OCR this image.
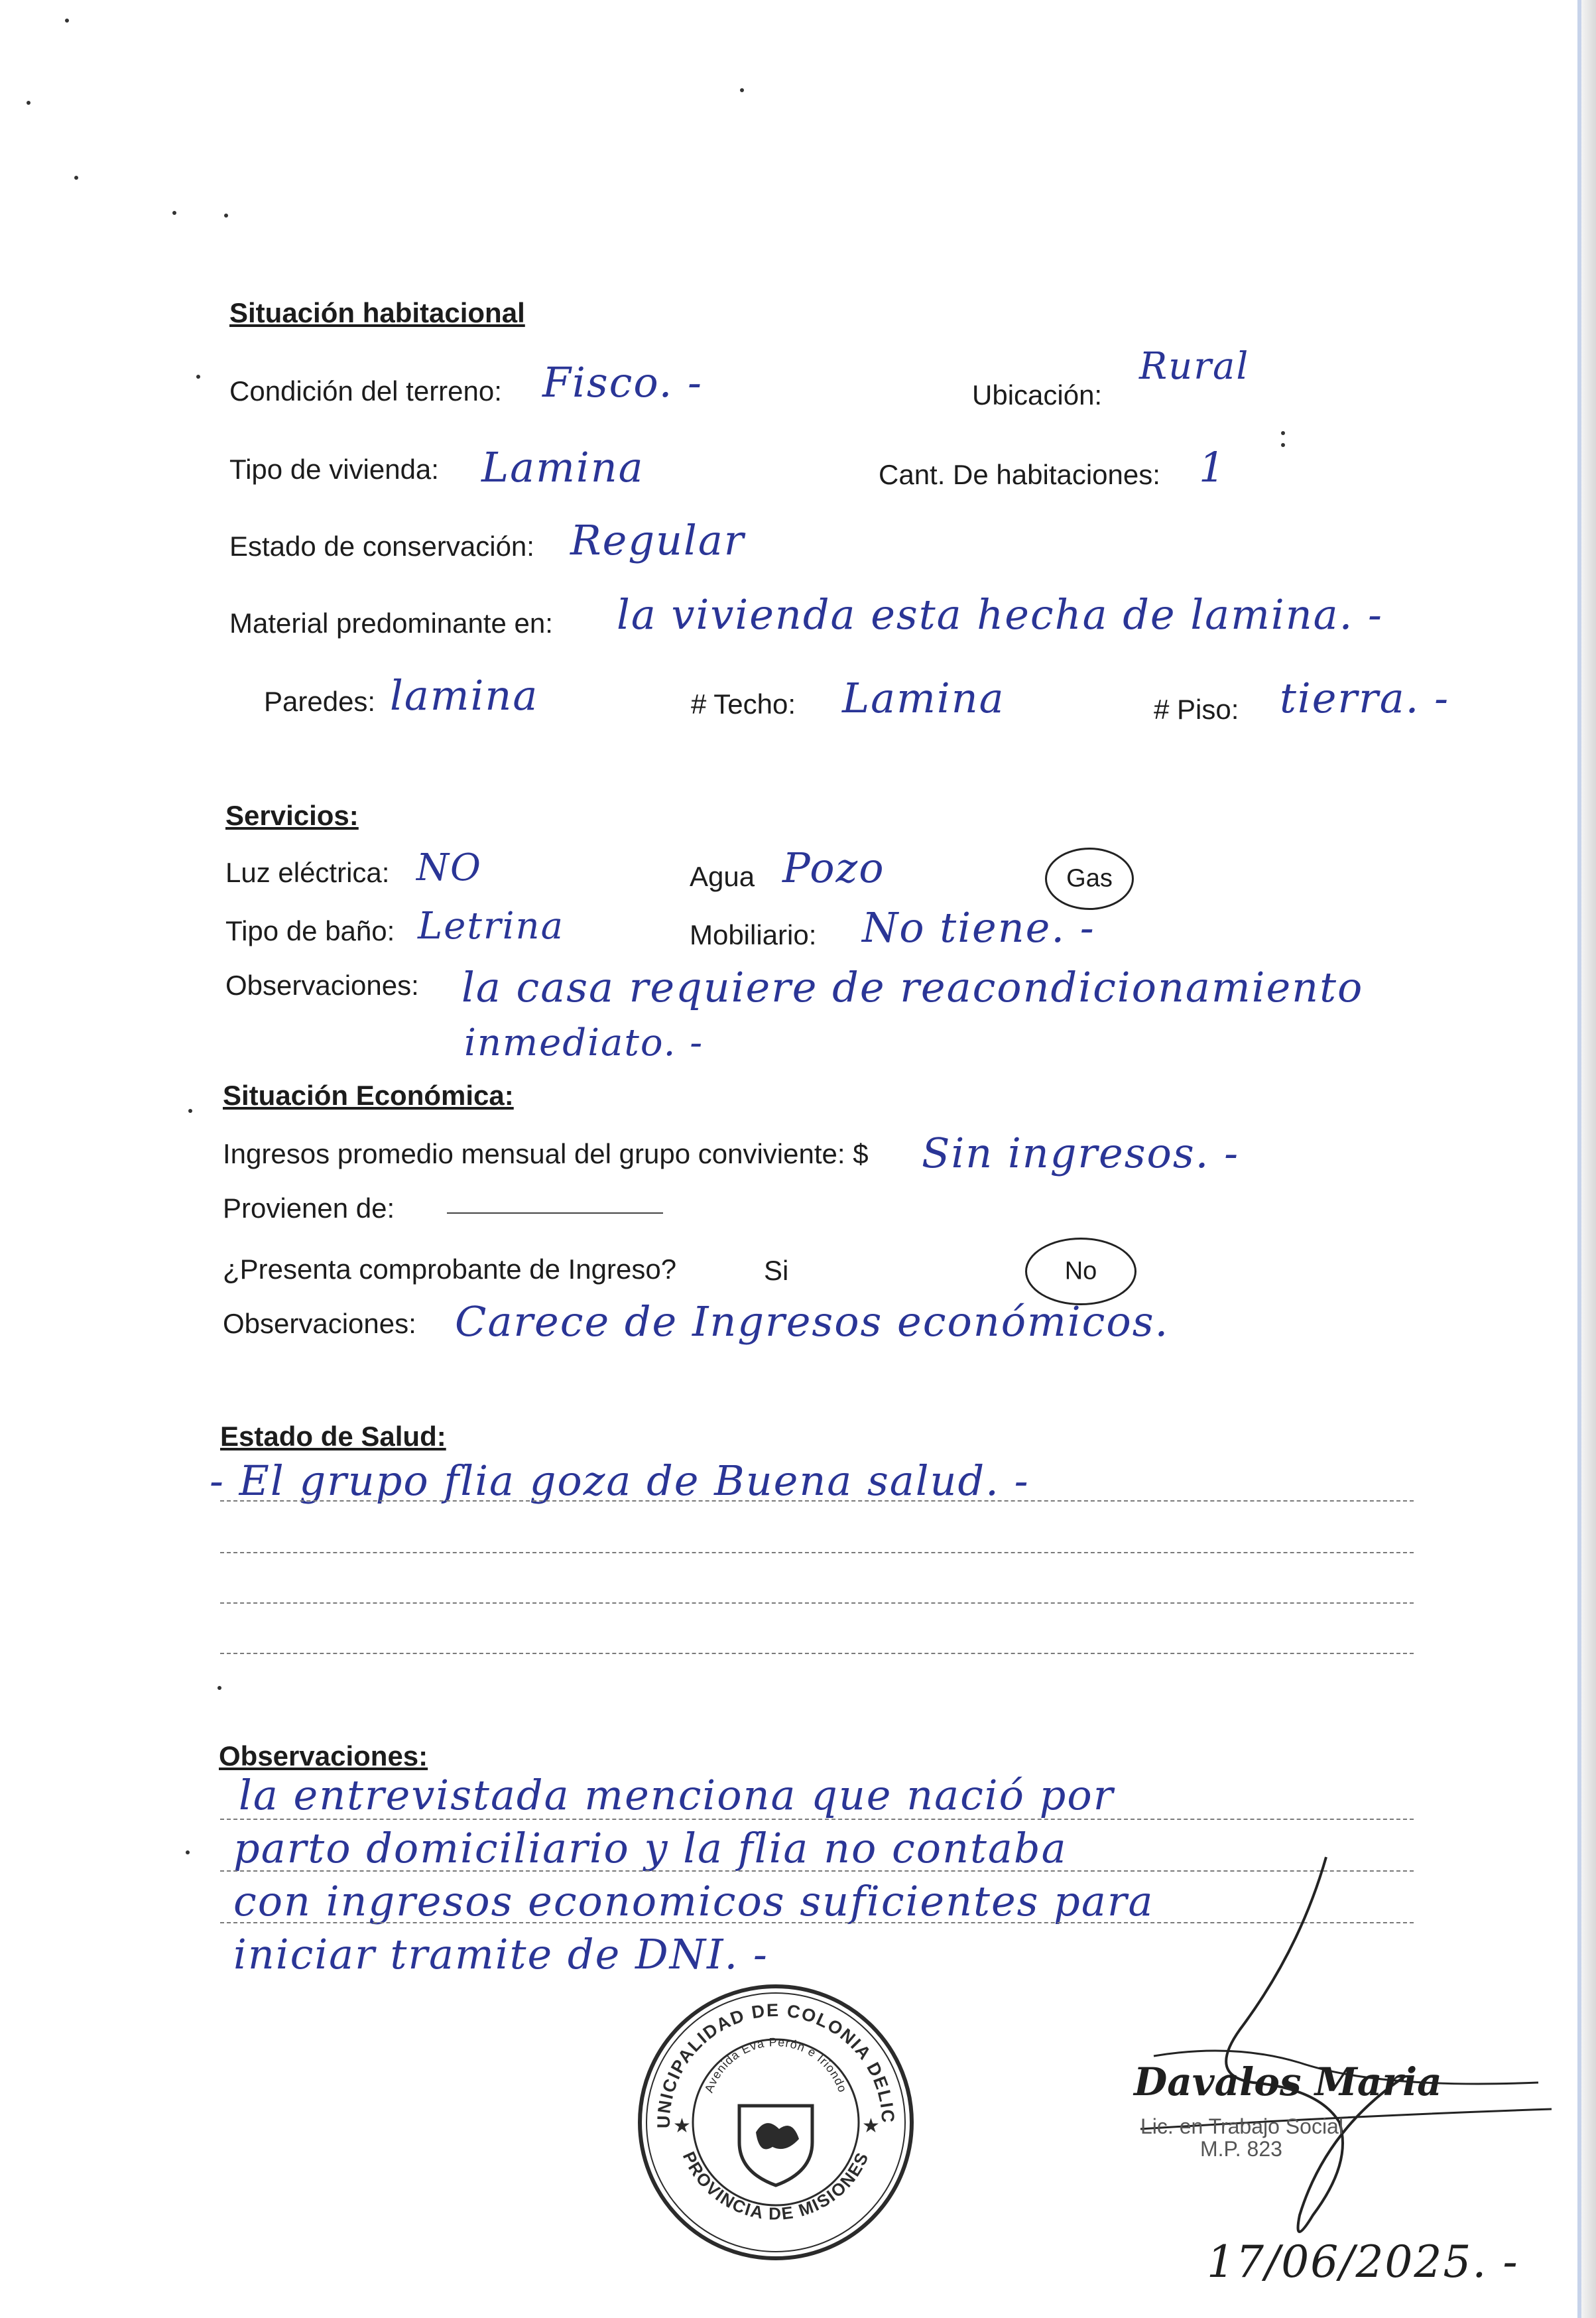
Situación habitacional
Condición del terreno: Fisco. -	Ubicación:
Rural
Tipo de vivienda: Lamina	Cant. De habitaciones: 1
Estado de conservación: Regular
Material predominante en: la vivienda esta hecha de lamina. -
Paredes: lamina	# Techo: Lamina	# Piso: tierra. -
Servicios:
Luz eléctrica: NO	Agua Pozo	Gas
Tipo de baño: Letrina	Mobiliario: No tiene. -
Observaciones: la casa requiere de reacondicionamiento
inmediato. -
Situación Económica:
Ingresos promedio mensual del grupo conviviente: $ Sin ingresos. -
Provienen de:
¿Presenta comprobante de Ingreso?	Si	No
Observaciones: Carece de Ingresos económicos.
Estado de Salud:
- El grupo flia goza de Buena salud. -
Observaciones:
la entrevistada menciona que nació por
parto domiciliario y la flia no contaba
con ingresos economicos suficientes para
iniciar tramite de DNI. -
UNICIPALIDAD DE COLONIA DELIC
PROVINCIA DE MISIONES
Avenida Eva Perón e Iriondo
★	★
Davalos Maria
Lic. en Trabajo Social
M.P. 823
17/06/2025. -
